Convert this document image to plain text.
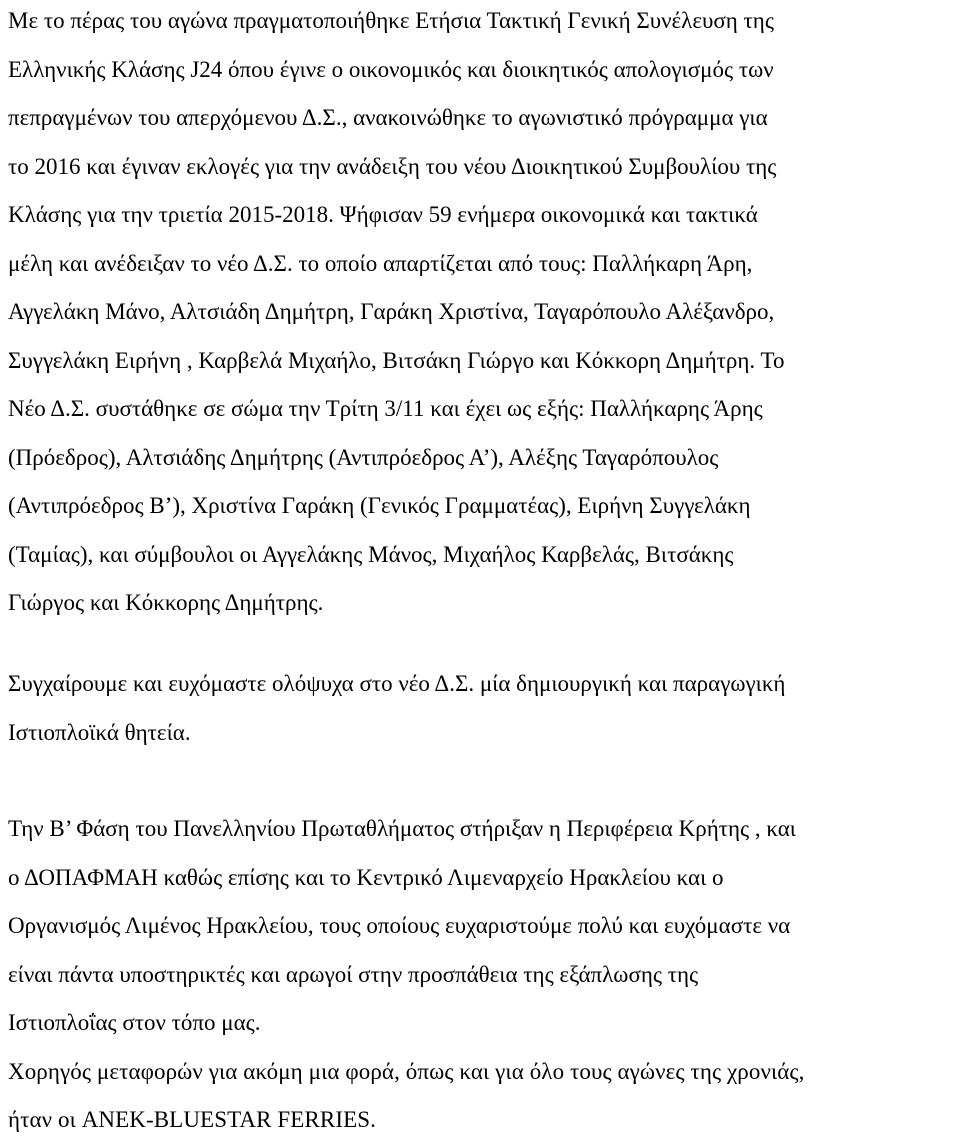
Με το πέρας του αγώνα πραγματοποιήθηκε Ετήσια Τακτική Γενική Συνέλευση της
Ελληνικής Κλάσης J24 όπου έγινε ο οικονομικός και διοικητικός απολογισμός των
πεπραγμένων του απερχόμενου Δ.Σ., ανακοινώθηκε το αγωνιστικό πρόγραμμα για
το 2016 και έγιναν εκλογές για την ανάδειξη του νέου Διοικητικού Συμβουλίου της
Κλάσης για την τριετία 2015-2018. Ψήφισαν 59 ενήμερα οικονομικά και τακτικά
μέλη και ανέδειξαν το νέο Δ.Σ. το οποίο απαρτίζεται από τους: Παλλήκαρη Άρη,
Αγγελάκη Μάνο, Αλτσιάδη Δημήτρη, Γαράκη Χριστίνα, Ταγαρόπουλο Αλέξανδρο,
Συγγελάκη Ειρήνη , Καρβελά Μιχαήλο, Βιτσάκη Γιώργο και Κόκκορη Δημήτρη. Το
Νέο Δ.Σ. συστάθηκε σε σώμα την Τρίτη 3/11 και έχει ως εξής: Παλλήκαρης Άρης
(Πρόεδρος), Αλτσιάδης Δημήτρης (Αντιπρόεδρος Α’), Αλέξης Ταγαρόπουλος
(Αντιπρόεδρος Β’), Χριστίνα Γαράκη (Γενικός Γραμματέας), Ειρήνη Συγγελάκη
(Ταμίας), και σύμβουλοι οι Αγγελάκης Μάνος, Μιχαήλος Καρβελάς, Βιτσάκης
Γιώργος και Κόκκορης Δημήτρης.
Συγχαίρουμε και ευχόμαστε ολόψυχα στο νέο Δ.Σ. μία δημιουργική και παραγωγική
Ιστιοπλοϊκά θητεία.
Την Β’ Φάση του Πανελληνίου Πρωταθλήματος στήριξαν η Περιφέρεια Κρήτης , και
ο ΔΟΠΑΦΜΑΗ καθώς επίσης και το Κεντρικό Λιμεναρχείο Ηρακλείου και ο
Οργανισμός Λιμένος Ηρακλείου, τους οποίους ευχαριστούμε πολύ και ευχόμαστε να
είναι πάντα υποστηρικτές και αρωγοί στην προσπάθεια της εξάπλωσης της
Ιστιοπλοΐας στον τόπο μας.
Χορηγός μεταφορών για ακόμη μια φορά, όπως και για όλο τους αγώνες της χρονιάς,
ήταν οι ANEK-BLUESTAR FERRIES.
